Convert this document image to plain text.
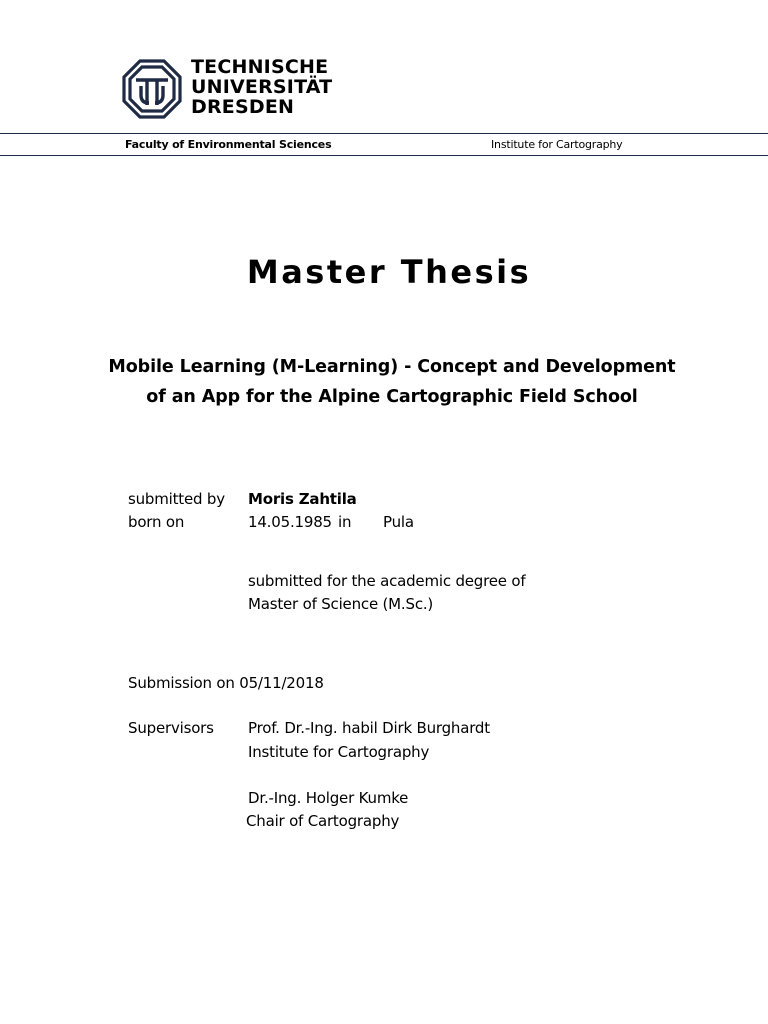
TECHNISCHE
UNIVERSITÄT
DRESDEN
Faculty of Environmental Sciences	Institute for Cartography
Master Thesis
Mobile Learning (M-Learning) - Concept and Development
of an App for the Alpine Cartographic Field School
submitted by Moris Zahtila
born on	14.05.1985 in Pula
submitted for the academic degree of
Master of Science (M.Sc.)
Submission on 05/11/2018
Supervisors Prof. Dr.-Ing. habil Dirk Burghardt
Institute for Cartography
Dr.-Ing. Holger Kumke
Chair of Cartography
